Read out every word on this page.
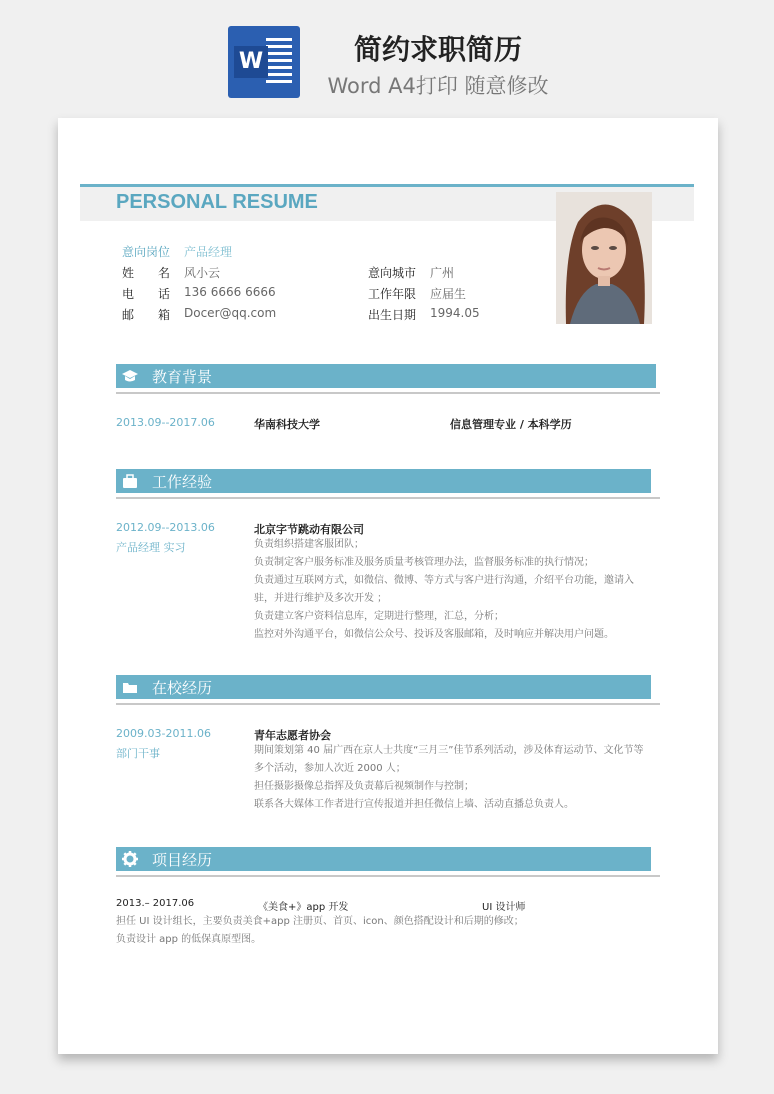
W	简约求职简历
Word A4打印 随意修改
PERSONAL RESUME
意向岗位 产品经理
姓　　名 风小云
电　　话 136 6666 6666
邮　　箱 Docer@qq.com
意向城市 广州
工作年限 应届生
出生日期 1994.05
教育背景
2013.09--2017.06	华南科技大学	信息管理专业 / 本科学历
工作经验
2012.09--2013.06
产品经理 实习
北京字节跳动有限公司
负责组织搭建客服团队；
负责制定客户服务标准及服务质量考核管理办法，监督服务标准的执行情况；
负责通过互联网方式，如微信、微博、等方式与客户进行沟通，介绍平台功能，邀请入
驻，并进行维护及多次开发 ；
负责建立客户资料信息库，定期进行整理，汇总，分析；
监控对外沟通平台，如微信公众号、投诉及客服邮箱，及时响应并解决用户问题。
在校经历
2009.03-2011.06
部门干事
青年志愿者协会
期间策划第 40 届广西在京人士共度“三月三”佳节系列活动，涉及体育运动节、文化节等
多个活动，参加人次近 2000 人；
担任摄影摄像总指挥及负责幕后视频制作与控制；
联系各大媒体工作者进行宣传报道并担任微信上墙、活动直播总负责人。
项目经历
2013.– 2017.06	《美食+》app 开发	UI 设计师
担任 UI 设计组长，主要负责美食+app 注册页、首页、icon、颜色搭配设计和后期的修改；
负责设计 app 的低保真原型图。
